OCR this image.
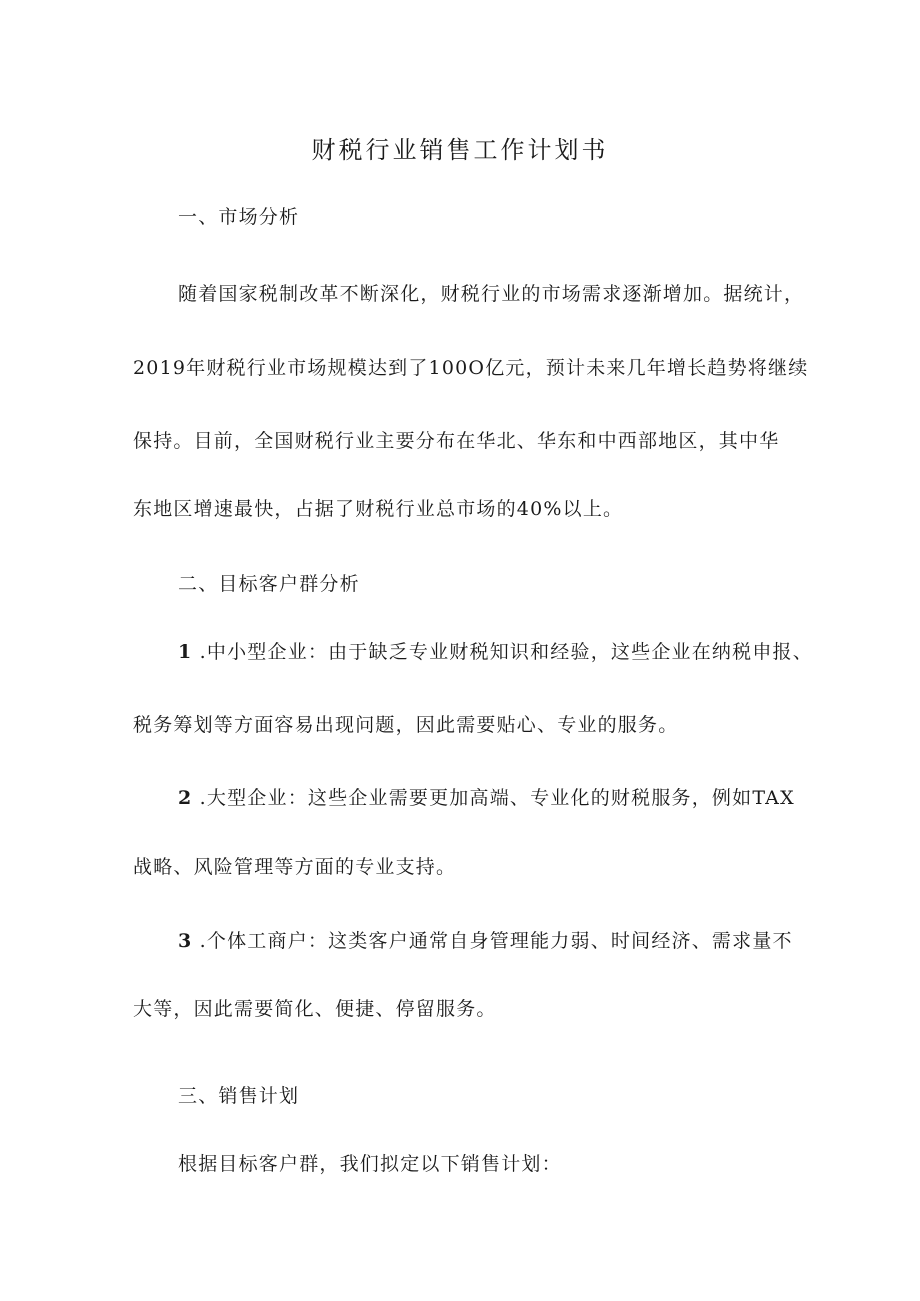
财税行业销售工作计划书
一、市场分析
随着国家税制改革不断深化，财税行业的市场需求逐渐增加。据统计，
2019年财税行业市场规模达到了100O亿元，预计未来几年增长趋势将继续
保持。目前，全国财税行业主要分布在华北、华东和中西部地区，其中华
东地区增速最快，占据了财税行业总市场的40%以上。
二、目标客户群分析
1 .中小型企业：由于缺乏专业财税知识和经验，这些企业在纳税申报、
税务筹划等方面容易出现问题，因此需要贴心、专业的服务。
2 .大型企业：这些企业需要更加高端、专业化的财税服务，例如TAX
战略、风险管理等方面的专业支持。
3 .个体工商户：这类客户通常自身管理能力弱、时间经济、需求量不
大等，因此需要简化、便捷、停留服务。
三、销售计划
根据目标客户群，我们拟定以下销售计划：
